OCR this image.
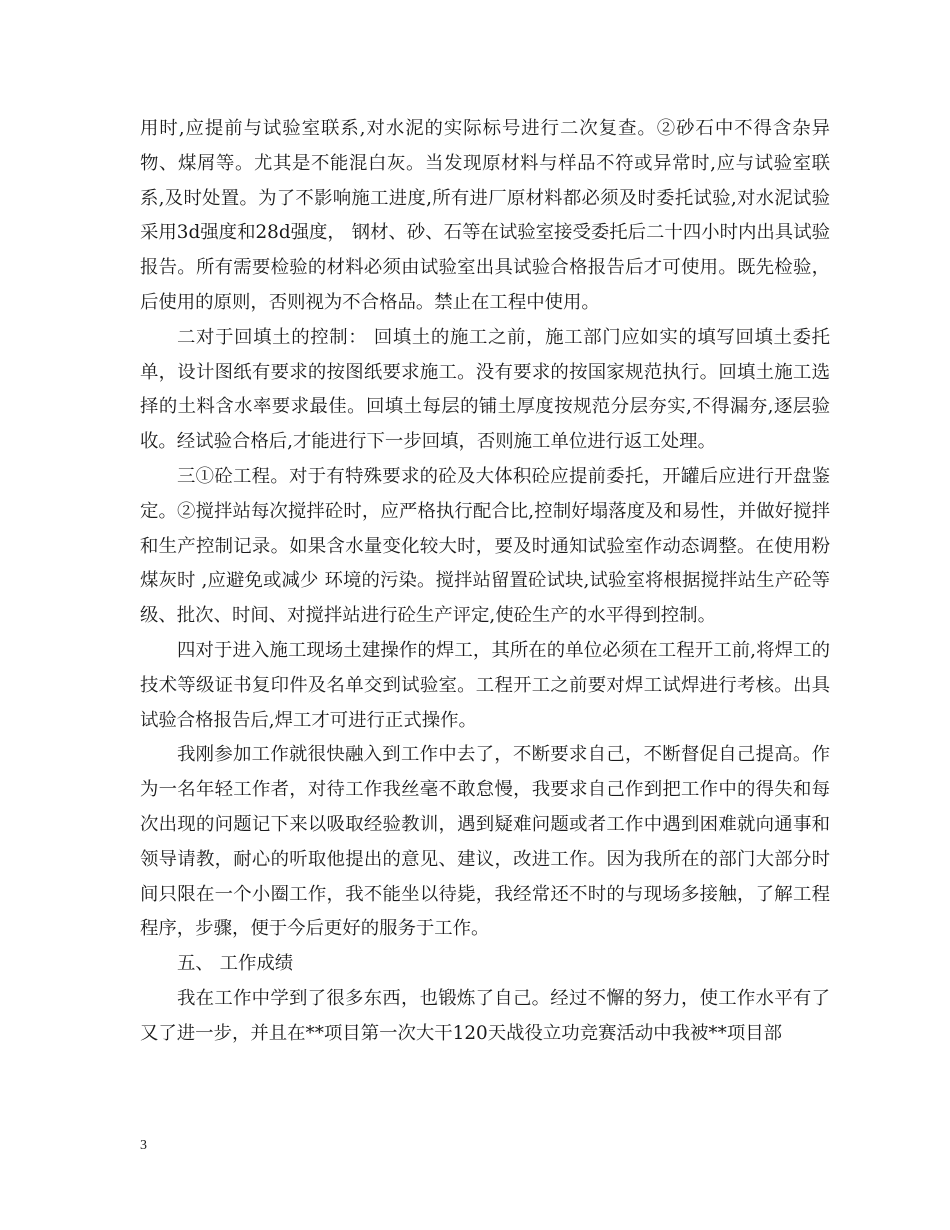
用时,应提前与试验室联系,对水泥的实际标号进行二次复查。②砂石中不得含杂异物、煤屑等。尤其是不能混白灰。当发现原材料与样品不符或异常时,应与试验室联系,及时处置。为了不影响施工进度,所有进厂原材料都必须及时委托试验,对水泥试验采用3d强度和28d强度， 钢材、砂、石等在试验室接受委托后二十四小时内出具试验报告。所有需要检验的材料必须由试验室出具试验合格报告后才可使用。既先检验，后使用的原则，否则视为不合格品。禁止在工程中使用。

二对于回填土的控制： 回填土的施工之前，施工部门应如实的填写回填土委托单，设计图纸有要求的按图纸要求施工。没有要求的按国家规范执行。回填土施工选择的土料含水率要求最佳。回填土每层的铺土厚度按规范分层夯实,不得漏夯,逐层验收。经试验合格后,才能进行下一步回填，否则施工单位进行返工处理。

三①砼工程。对于有特殊要求的砼及大体积砼应提前委托，开罐后应进行开盘鉴定。②搅拌站每次搅拌砼时，应严格执行配合比,控制好塌落度及和易性，并做好搅拌和生产控制记录。如果含水量变化较大时，要及时通知试验室作动态调整。在使用粉煤灰时 ,应避免或减少 环境的污染。搅拌站留置砼试块,试验室将根据搅拌站生产砼等级、批次、时间、对搅拌站进行砼生产评定,使砼生产的水平得到控制。

四对于进入施工现场土建操作的焊工，其所在的单位必须在工程开工前,将焊工的技术等级证书复印件及名单交到试验室。工程开工之前要对焊工试焊进行考核。出具试验合格报告后,焊工才可进行正式操作。

我刚参加工作就很快融入到工作中去了，不断要求自己，不断督促自己提高。作为一名年轻工作者，对待工作我丝毫不敢怠慢，我要求自己作到把工作中的得失和每次出现的问题记下来以吸取经验教训，遇到疑难问题或者工作中遇到困难就向通事和领导请教，耐心的听取他提出的意见、建议，改进工作。因为我所在的部门大部分时间只限在一个小圈工作，我不能坐以待毙，我经常还不时的与现场多接触，了解工程程序，步骤，便于今后更好的服务于工作。

五、 工作成绩

我在工作中学到了很多东西，也锻炼了自己。经过不懈的努力，使工作水平有了又了进一步，并且在**项目第一次大干120天战役立功竞赛活动中我被**项目部

3
